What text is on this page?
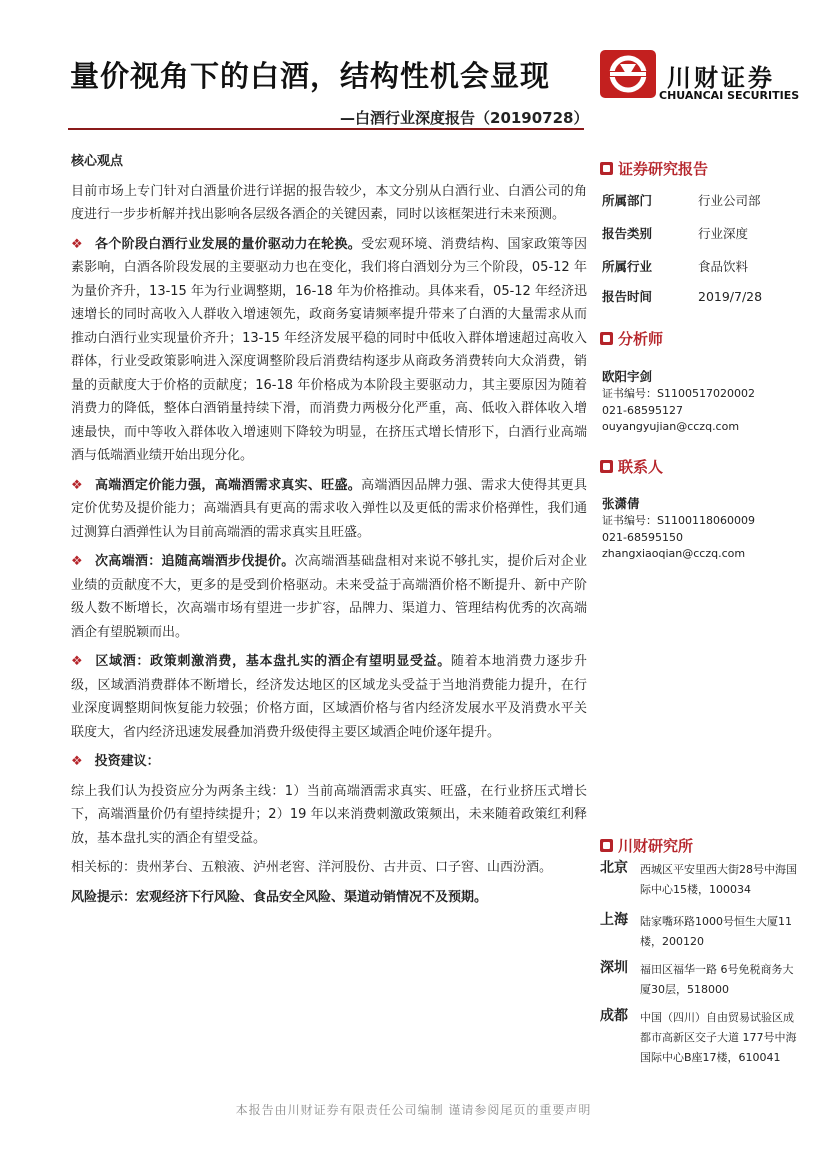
量价视角下的白酒，结构性机会显现
—白酒行业深度报告（20190728）
川财证券
CHUANCAI SECURITIES

核心观点

目前市场上专门针对白酒量价进行详据的报告较少，本文分别从白酒行业、白酒公司的角度进行一步步析解并找出影响各层级各酒企的关键因素，同时以该框架进行未来预测。

❖ 各个阶段白酒行业发展的量价驱动力在轮换。受宏观环境、消费结构、国家政策等因素影响，白酒各阶段发展的主要驱动力也在变化，我们将白酒划分为三个阶段，05-12 年为量价齐升，13-15 年为行业调整期，16-18 年为价格推动。具体来看，05-12 年经济迅速增长的同时高收入人群收入增速领先，政商务宴请频率提升带来了白酒的大量需求从而推动白酒行业实现量价齐升；13-15 年经济发展平稳的同时中低收入群体增速超过高收入群体，行业受政策影响进入深度调整阶段后消费结构逐步从商政务消费转向大众消费，销量的贡献度大于价格的贡献度；16-18 年价格成为本阶段主要驱动力，其主要原因为随着消费力的降低，整体白酒销量持续下滑，而消费力两极分化严重，高、低收入群体收入增速最快，而中等收入群体收入增速则下降较为明显，在挤压式增长情形下，白酒行业高端酒与低端酒业绩开始出现分化。

❖ 高端酒定价能力强，高端酒需求真实、旺盛。高端酒因品牌力强、需求大使得其更具定价优势及提价能力；高端酒具有更高的需求收入弹性以及更低的需求价格弹性，我们通过测算白酒弹性认为目前高端酒的需求真实且旺盛。

❖ 次高端酒：追随高端酒步伐提价。次高端酒基础盘相对来说不够扎实，提价后对企业业绩的贡献度不大，更多的是受到价格驱动。未来受益于高端酒价格不断提升、新中产阶级人数不断增长，次高端市场有望进一步扩容，品牌力、渠道力、管理结构优秀的次高端酒企有望脱颖而出。

❖ 区域酒：政策刺激消费，基本盘扎实的酒企有望明显受益。随着本地消费力逐步升级，区域酒消费群体不断增长，经济发达地区的区域龙头受益于当地消费能力提升，在行业深度调整期间恢复能力较强；价格方面，区域酒价格与省内经济发展水平及消费水平关联度大，省内经济迅速发展叠加消费升级使得主要区域酒企吨价逐年提升。

❖ 投资建议：

综上我们认为投资应分为两条主线：1）当前高端酒需求真实、旺盛，在行业挤压式增长下，高端酒量价仍有望持续提升；2）19 年以来消费刺激政策频出，未来随着政策红利释放，基本盘扎实的酒企有望受益。

相关标的：贵州茅台、五粮液、泸州老窖、洋河股份、古井贡、口子窖、山西汾酒。

风险提示：宏观经济下行风险、食品安全风险、渠道动销情况不及预期。

证券研究报告
所属部门	行业公司部
报告类别	行业深度
所属行业	食品饮料
报告时间	2019/7/28
分析师
欧阳宇剑
证书编号：S1100517020002
021-68595127
ouyangyujian@cczq.com
联系人
张潇倩
证书编号：S1100118060009
021-68595150
zhangxiaoqian@cczq.com
川财研究所
北京 西城区平安里西大街28号中海国际中心15楼，100034
上海 陆家嘴环路1000号恒生大厦11楼，200120
深圳 福田区福华一路 6号免税商务大厦30层，518000
成都 中国（四川）自由贸易试验区成都市高新区交子大道 177号中海国际中心B座17楼，610041
本报告由川财证券有限责任公司编制 谨请参阅尾页的重要声明
